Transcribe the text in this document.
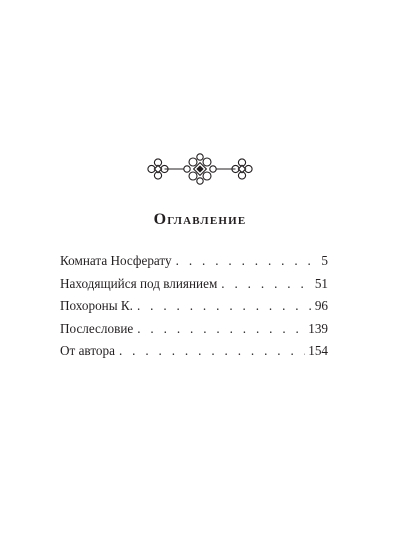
Оглавление
Комната Носферату . . .	5
Находящийся под влиянием . . .	51
Похороны К. . . .	96
Послесловие . . .	139
От автора . . .	154
